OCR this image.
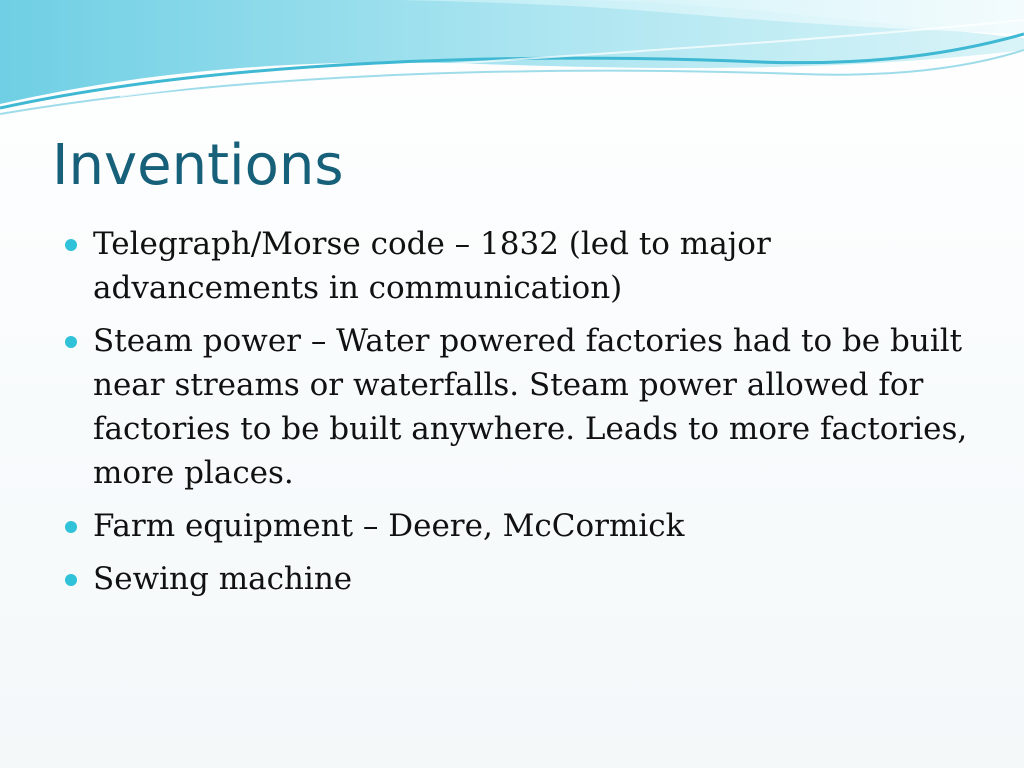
Inventions
Telegraph/Morse code – 1832 (led to major advancements in communication)
Steam power – Water powered factories had to be built near streams or waterfalls. Steam power allowed for factories to be built anywhere. Leads to more factories, more places.
Farm equipment – Deere, McCormick
Sewing machine
